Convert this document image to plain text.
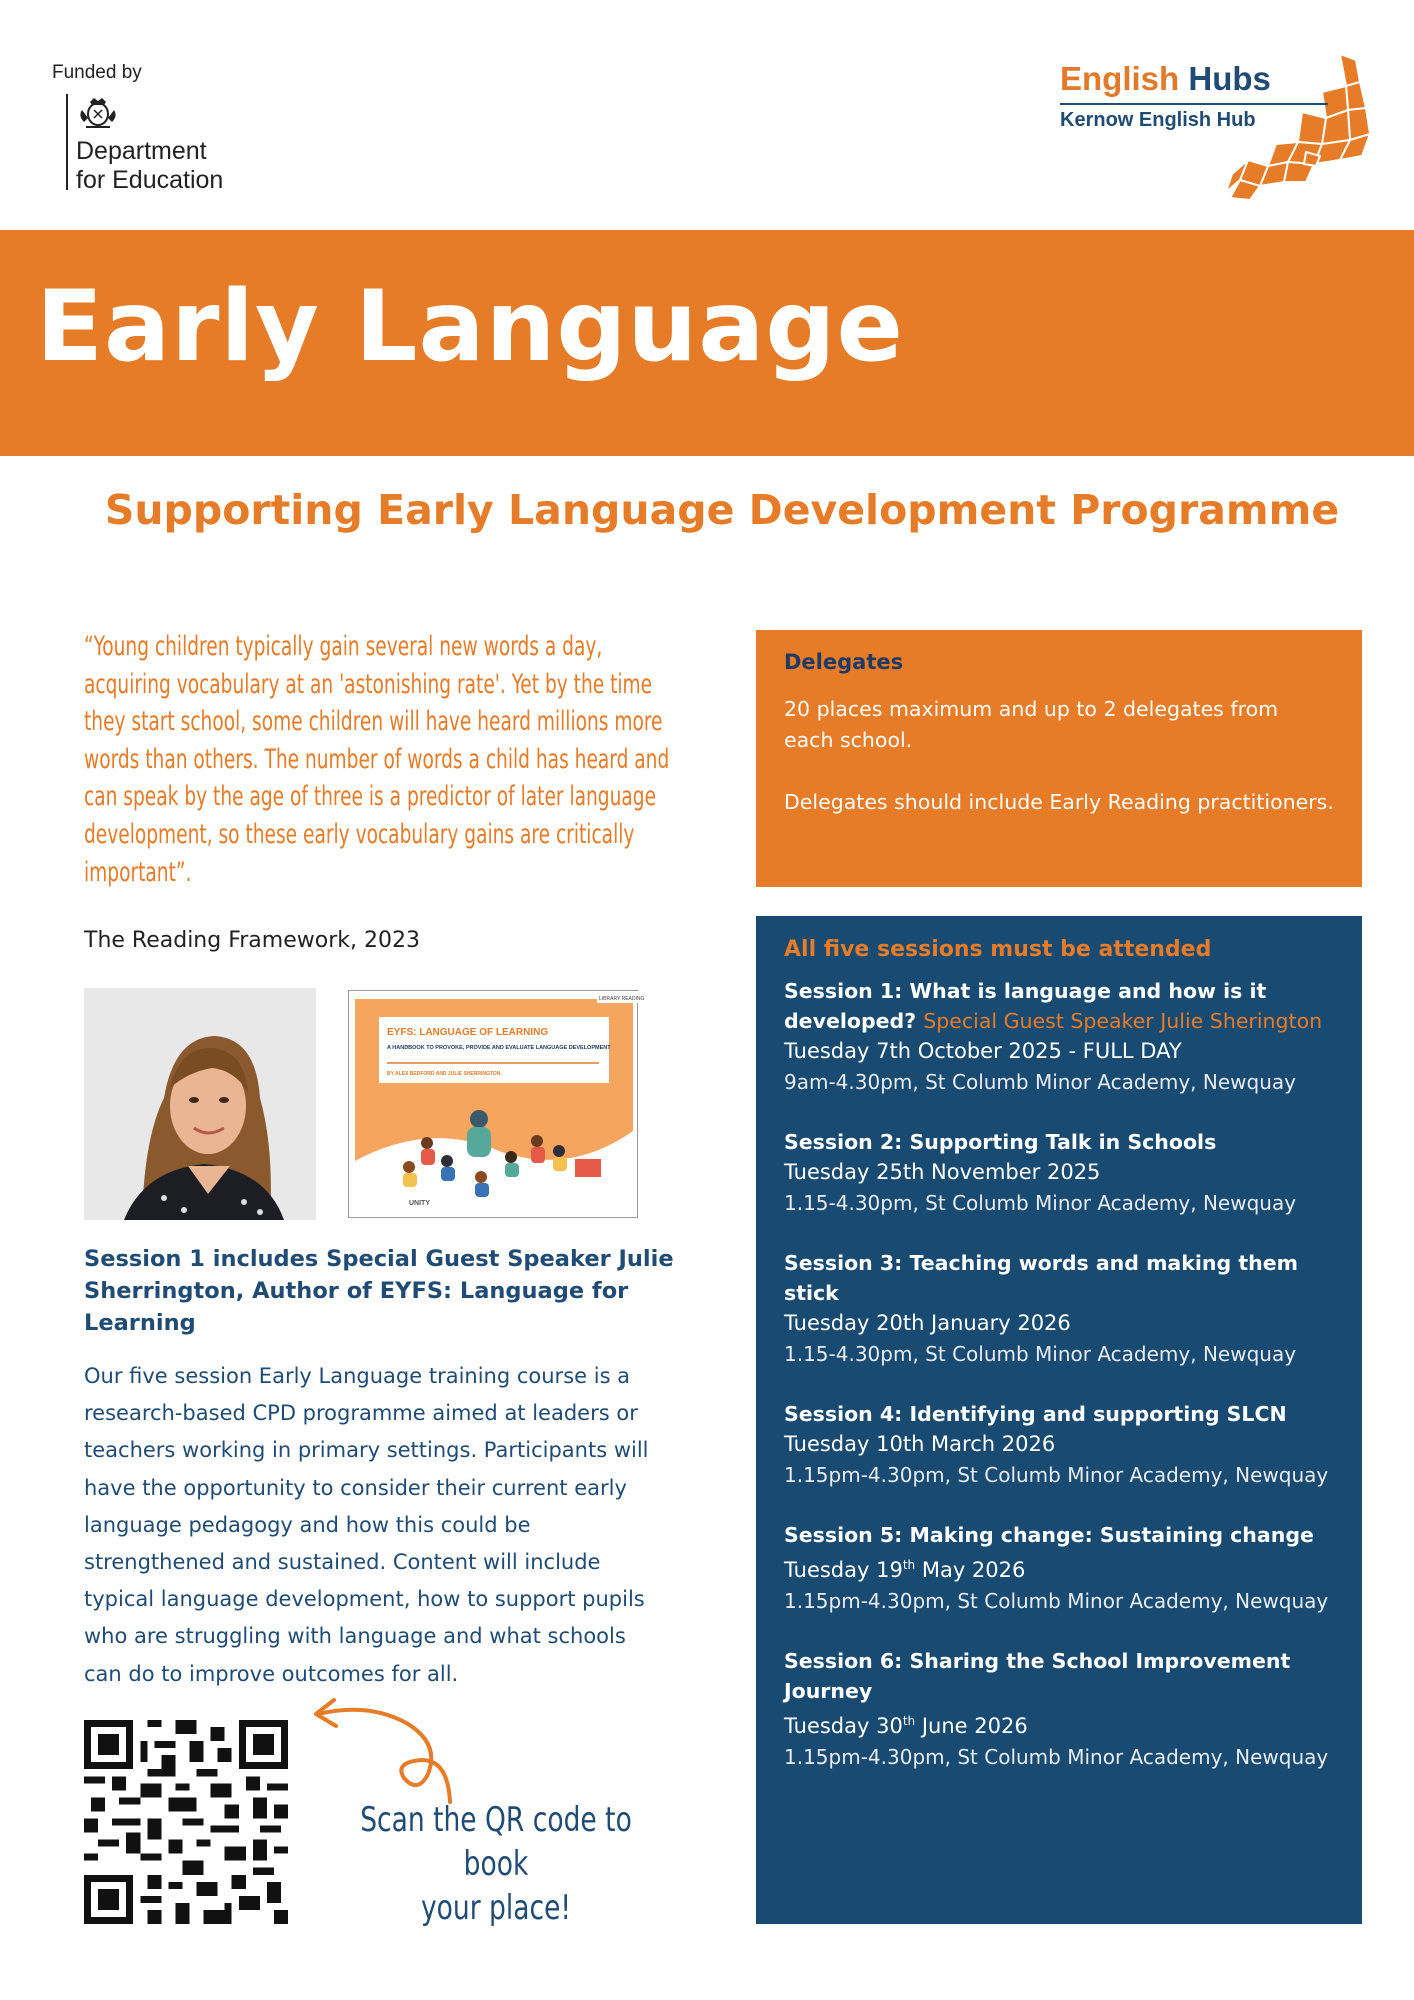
Funded by
Department
for Education
English Hubs
Kernow English Hub
Early Language
Supporting Early Language Development Programme
“Young children typically gain several new words a day, acquiring vocabulary at an 'astonishing rate'. Yet by the time they start school, some children will have heard millions more words than others. The number of words a child has heard and can speak by the age of three is a predictor of later language development, so these early vocabulary gains are critically important”.
The Reading Framework, 2023
LIBRARY READING
EYFS: LANGUAGE OF LEARNING
A HANDBOOK TO PROVOKE, PROVIDE AND EVALUATE LANGUAGE DEVELOPMENT
BY ALEX BEDFORD AND JULIE SHERRINGTON
UNITY
Session 1 includes Special Guest Speaker Julie Sherrington, Author of EYFS: Language for Learning
Our five session Early Language training course is a research-based CPD programme aimed at leaders or teachers working in primary settings. Participants will have the opportunity to consider their current early language pedagogy and how this could be strengthened and sustained. Content will include typical language development, how to support pupils who are struggling with language and what schools can do to improve outcomes for all.
Scan the QR code to book
your place!
Delegates
20 places maximum and up to 2 delegates from each school.
Delegates should include Early Reading practitioners.
All five sessions must be attended
Session 1: What is language and how is it developed? Special Guest Speaker Julie Sherington
Tuesday 7th October 2025 - FULL DAY
9am-4.30pm, St Columb Minor Academy, Newquay
Session 2: Supporting Talk in Schools
Tuesday 25th November 2025
1.15-4.30pm, St Columb Minor Academy, Newquay
Session 3: Teaching words and making them stick
Tuesday 20th January 2026
1.15-4.30pm, St Columb Minor Academy, Newquay
Session 4: Identifying and supporting SLCN
Tuesday 10th March 2026
1.15pm-4.30pm, St Columb Minor Academy, Newquay
Session 5: Making change: Sustaining change
Tuesday 19th May 2026
1.15pm-4.30pm, St Columb Minor Academy, Newquay
Session 6: Sharing the School Improvement Journey
Tuesday 30th June 2026
1.15pm-4.30pm, St Columb Minor Academy, Newquay
